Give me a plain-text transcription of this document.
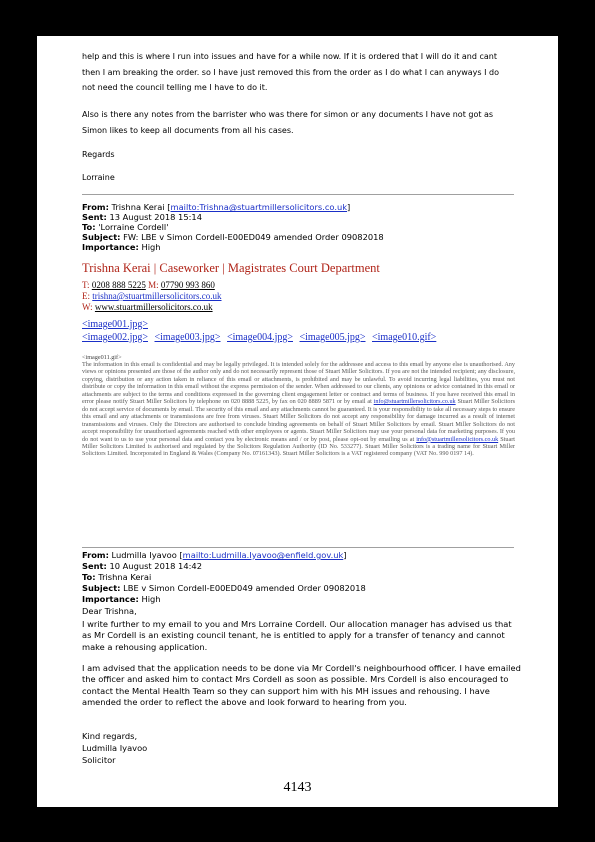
help and this is where I run into issues and have for a while now. If it is ordered that I will do it and cant then I am breaking the order. so I have just removed this from the order as I do what I can anyways I do not need the council telling me I have to do it.
Also is there any notes from the barrister who was there for simon or any documents I have not got as Simon likes to keep all documents from all his cases.
Regards
Lorraine
From: Trishna Kerai [mailto:Trishna@stuartmillersolicitors.co.uk]
Sent: 13 August 2018 15:14
To: 'Lorraine Cordell'
Subject: FW: LBE v Simon Cordell-E00ED049 amended Order 09082018
Importance: High
Trishna Kerai | Caseworker | Magistrates Court Department
T: 0208 888 5225 M: 07790 993 860
E: trishna@stuartmillersolicitors.co.uk
W: www.stuartmillersolicitors.co.uk
<image001.jpg>
<image002.jpg> <image003.jpg> <image004.jpg> <image005.jpg> <image010.gif>
<image011.gif>
The information in this email is confidential and may be legally privileged. It is intended solely for the addressee and access to this email by anyone else is unauthorised. Any views or opinions presented are those of the author only and do not necessarily represent those of Stuart Miller Solicitors. If you are not the intended recipient; any disclosure, copying, distribution or any action taken in reliance of this email or attachments, is prohibited and may be unlawful. To avoid incurring legal liabilities, you must not distribute or copy the information in this email without the express permission of the sender. When addressed to our clients, any opinions or advice contained in this email or attachments are subject to the terms and conditions expressed in the governing client engagement letter or contract and terms of business. If you have received this email in error please notify Stuart Miller Solicitors by telephone on 020 8888 5225, by fax on 020 8889 5871 or by email at info@stuartmillersolicitors.co.uk Stuart Miller Solicitors do not accept service of documents by email. The security of this email and any attachments cannot be guaranteed. It is your responsibility to take all necessary steps to ensure this email and any attachments or transmissions are free from viruses. Stuart Miller Solicitors do not accept any responsibility for damage incurred as a result of internet transmissions and viruses. Only the Directors are authorised to conclude binding agreements on behalf of Stuart Miller Solicitors by email. Stuart Miller Solicitors do not accept responsibility for unauthorised agreements reached with other employees or agents. Stuart Miller Solicitors may use your personal data for marketing purposes. If you do not want to us to use your personal data and contact you by electronic means and / or by post, please opt-out by emailing us at info@stuartmillersolicitors.co.uk Stuart Miller Solicitors Limited is authorised and regulated by the Solicitors Regulation Authority (ID No. 533277). Stuart Miller Solicitors is a trading name for Stuart Miller Solicitors Limited. Incorporated in England & Wales (Company No. 07161343). Stuart Miller Solicitors is a VAT registered company (VAT No. 990 0197 14).
From: Ludmilla Iyavoo [mailto:Ludmilla.Iyavoo@enfield.gov.uk]
Sent: 10 August 2018 14:42
To: Trishna Kerai
Subject: LBE v Simon Cordell-E00ED049 amended Order 09082018
Importance: High
Dear Trishna,
I write further to my email to you and Mrs Lorraine Cordell. Our allocation manager has advised us that as Mr Cordell is an existing council tenant, he is entitled to apply for a transfer of tenancy and cannot make a rehousing application.
I am advised that the application needs to be done via Mr Cordell's neighbourhood officer. I have emailed the officer and asked him to contact Mrs Cordell as soon as possible. Mrs Cordell is also encouraged to contact the Mental Health Team so they can support him with his MH issues and rehousing. I have amended the order to reflect the above and look forward to hearing from you.
Kind regards,
Ludmilla Iyavoo
Solicitor
4143
